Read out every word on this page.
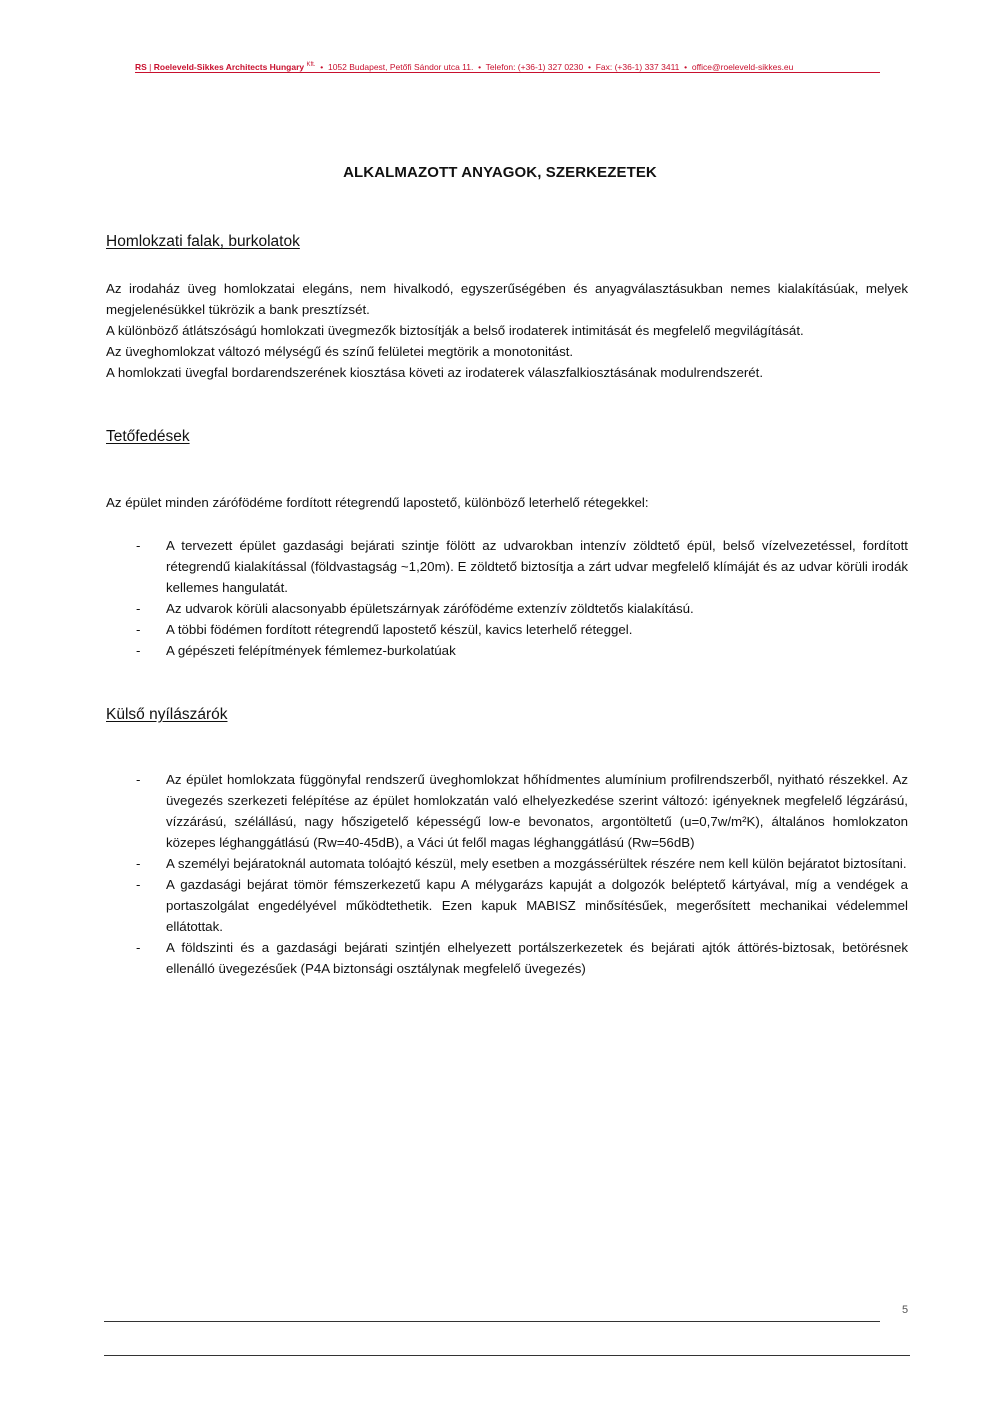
RS | Roeleveld-Sikkes Architects Hungary $^{Kft.}$  •  1052 Budapest, Petőfi Sándor utca 11.  •  Telefon: (+36-1) 327 0230  •  Fax: (+36-1) 337 3411  •  office@roeleveld-sikkes.eu
ALKALMAZOTT ANYAGOK, SZERKEZETEK
Homlokzati falak, burkolatok

Az irodaház üveg homlokzatai elegáns, nem hivalkodó, egyszerűségében és anyagválasztásukban nemes kialakításúak, melyek megjelenésükkel tükrözik a bank presztízsét.

A különböző átlátszóságú homlokzati üvegmezők biztosítják a belső irodaterek intimitását és megfelelő megvilágítását.

Az üveghomlokzat változó mélységű és színű felületei megtörik a monotonitást.

A homlokzati üvegfal bordarendszerének kiosztása követi az irodaterek válaszfalkiosztásának modulrendszerét.

Tetőfedések
Az épület minden zárófödéme fordított rétegrendű lapostető, különböző leterhelő rétegekkel:
- A tervezett épület gazdasági bejárati szintje fölött az udvarokban intenzív zöldtető épül, belső vízelvezetéssel, fordított rétegrendű kialakítással (földvastagság ~1,20m). E zöldtető biztosítja a zárt udvar megfelelő klímáját és az udvar körüli irodák kellemes hangulatát.
- Az udvarok körüli alacsonyabb épületszárnyak zárófödéme extenzív zöldtetős kialakítású.
- A többi födémen fordított rétegrendű lapostető készül, kavics leterhelő réteggel.
- A gépészeti felépítmények fémlemez-burkolatúak
Külső nyílászárók
- Az épület homlokzata függönyfal rendszerű üveghomlokzat hőhídmentes alumínium profilrendszerből, nyitható részekkel. Az üvegezés szerkezeti felépítése az épület homlokzatán való elhelyezkedése szerint változó: igényeknek megfelelő légzárású, vízzárású, szélállású, nagy hőszigetelő képességű low-e bevonatos, argontöltetű (u=0,7w/m²K), általános homlokzaton közepes léghanggátlású (Rw=40-45dB), a Váci út felől magas léghanggátlású (Rw=56dB)
- A személyi bejáratoknál automata tolóajtó készül, mely esetben a mozgássérültek részére nem kell külön bejáratot biztosítani.
- A gazdasági bejárat tömör fémszerkezetű kapu A mélygarázs kapuját a dolgozók beléptető kártyával, míg a vendégek a portaszolgálat engedélyével működtethetik. Ezen kapuk MABISZ minősítésűek, megerősített mechanikai védelemmel ellátottak.
- A földszinti és a gazdasági bejárati szintjén elhelyezett portálszerkezetek és bejárati ajtók áttörés-biztosak, betörésnek ellenálló üvegezésűek (P4A biztonsági osztálynak megfelelő üvegezés)
5
